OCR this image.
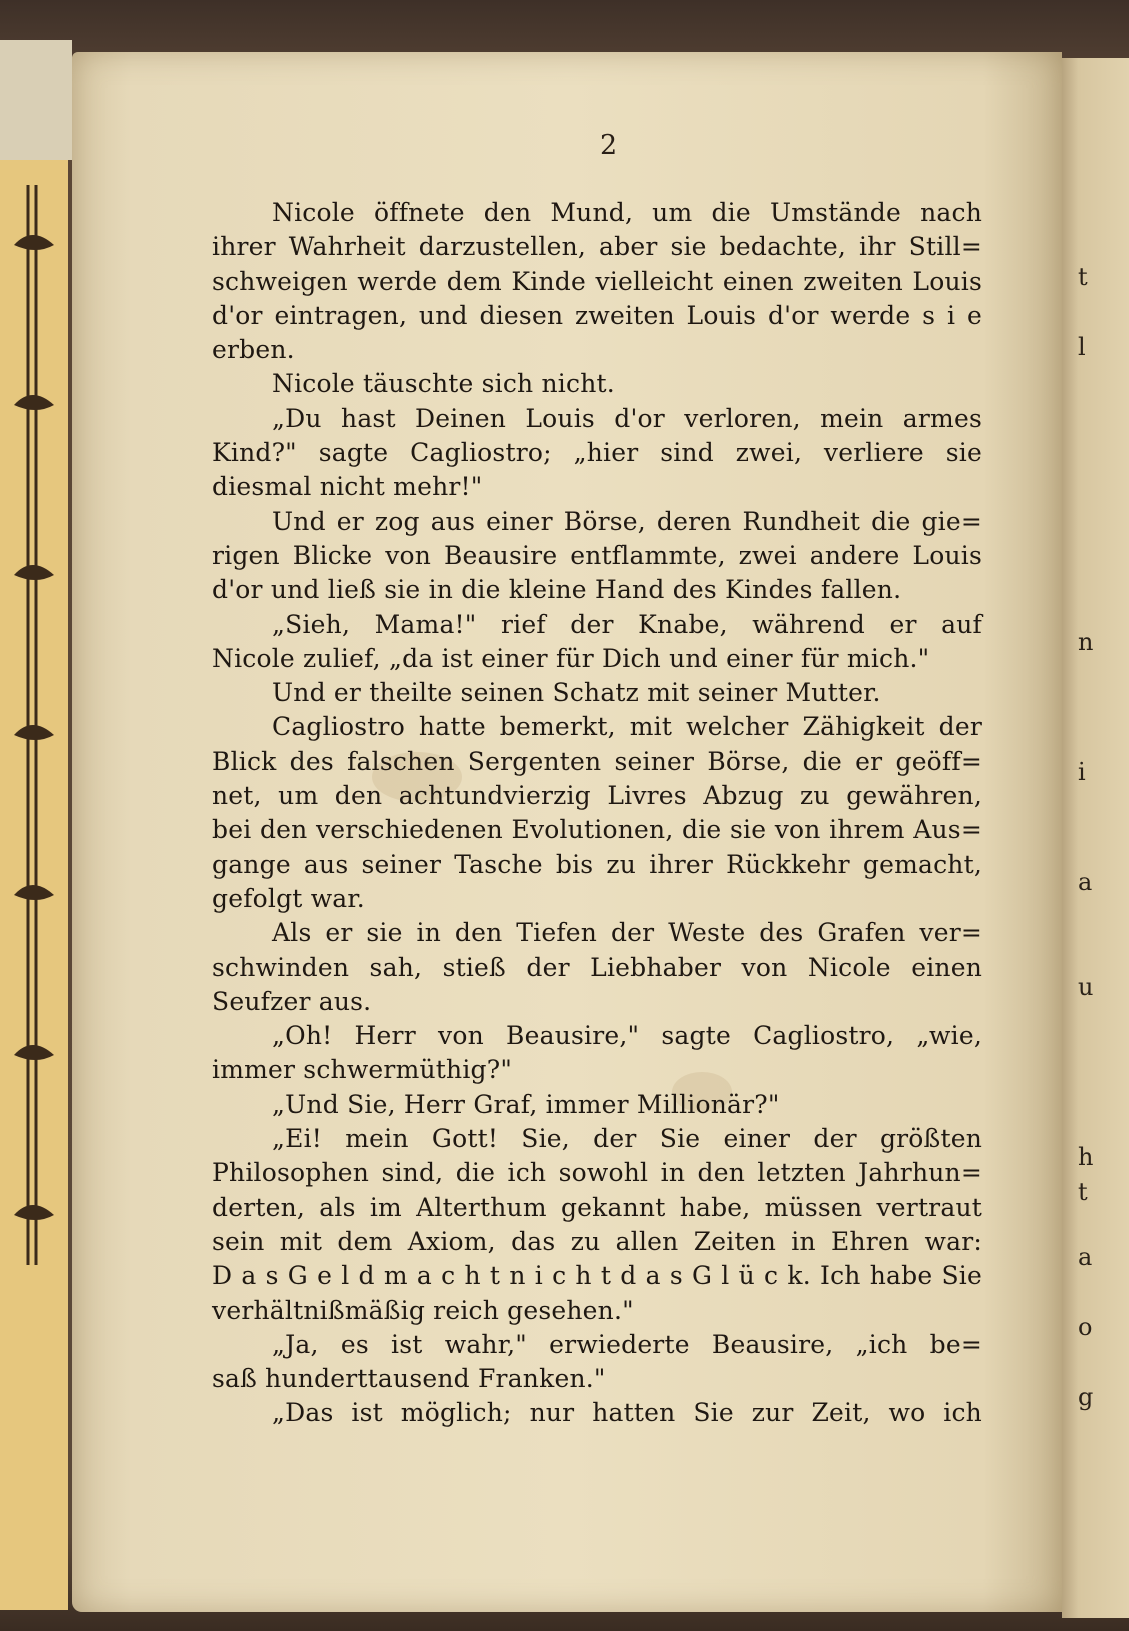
t
l
n
i
a
u
h
t
a
o
g
2
Nicole öffnete den Mund, um die Umstände nach
ihrer Wahrheit darzustellen, aber sie bedachte, ihr Still=
schweigen werde dem Kinde vielleicht einen zweiten Louis
d'or eintragen, und diesen zweiten Louis d'or werde s i e
erben.
Nicole täuschte sich nicht.
„Du hast Deinen Louis d'or verloren, mein armes
Kind?" sagte Cagliostro; „hier sind zwei, verliere sie
diesmal nicht mehr!"
Und er zog aus einer Börse, deren Rundheit die gie=
rigen Blicke von Beausire entflammte, zwei andere Louis
d'or und ließ sie in die kleine Hand des Kindes fallen.
„Sieh, Mama!" rief der Knabe, während er auf
Nicole zulief, „da ist einer für Dich und einer für mich."
Und er theilte seinen Schatz mit seiner Mutter.
Cagliostro hatte bemerkt, mit welcher Zähigkeit der
Blick des falschen Sergenten seiner Börse, die er geöff=
net, um den achtundvierzig Livres Abzug zu gewähren,
bei den verschiedenen Evolutionen, die sie von ihrem Aus=
gange aus seiner Tasche bis zu ihrer Rückkehr gemacht,
gefolgt war.
Als er sie in den Tiefen der Weste des Grafen ver=
schwinden sah, stieß der Liebhaber von Nicole einen
Seufzer aus.
„Oh! Herr von Beausire," sagte Cagliostro, „wie,
immer schwermüthig?"
„Und Sie, Herr Graf, immer Millionär?"
„Ei! mein Gott! Sie, der Sie einer der größten
Philosophen sind, die ich sowohl in den letzten Jahrhun=
derten, als im Alterthum gekannt habe, müssen vertraut
sein mit dem Axiom, das zu allen Zeiten in Ehren war:
D a s G e l d m a c h t n i c h t d a s G l ü c k. Ich habe Sie
verhältnißmäßig reich gesehen."
„Ja, es ist wahr," erwiederte Beausire, „ich be=
saß hunderttausend Franken."
„Das ist möglich; nur hatten Sie zur Zeit, wo ich
